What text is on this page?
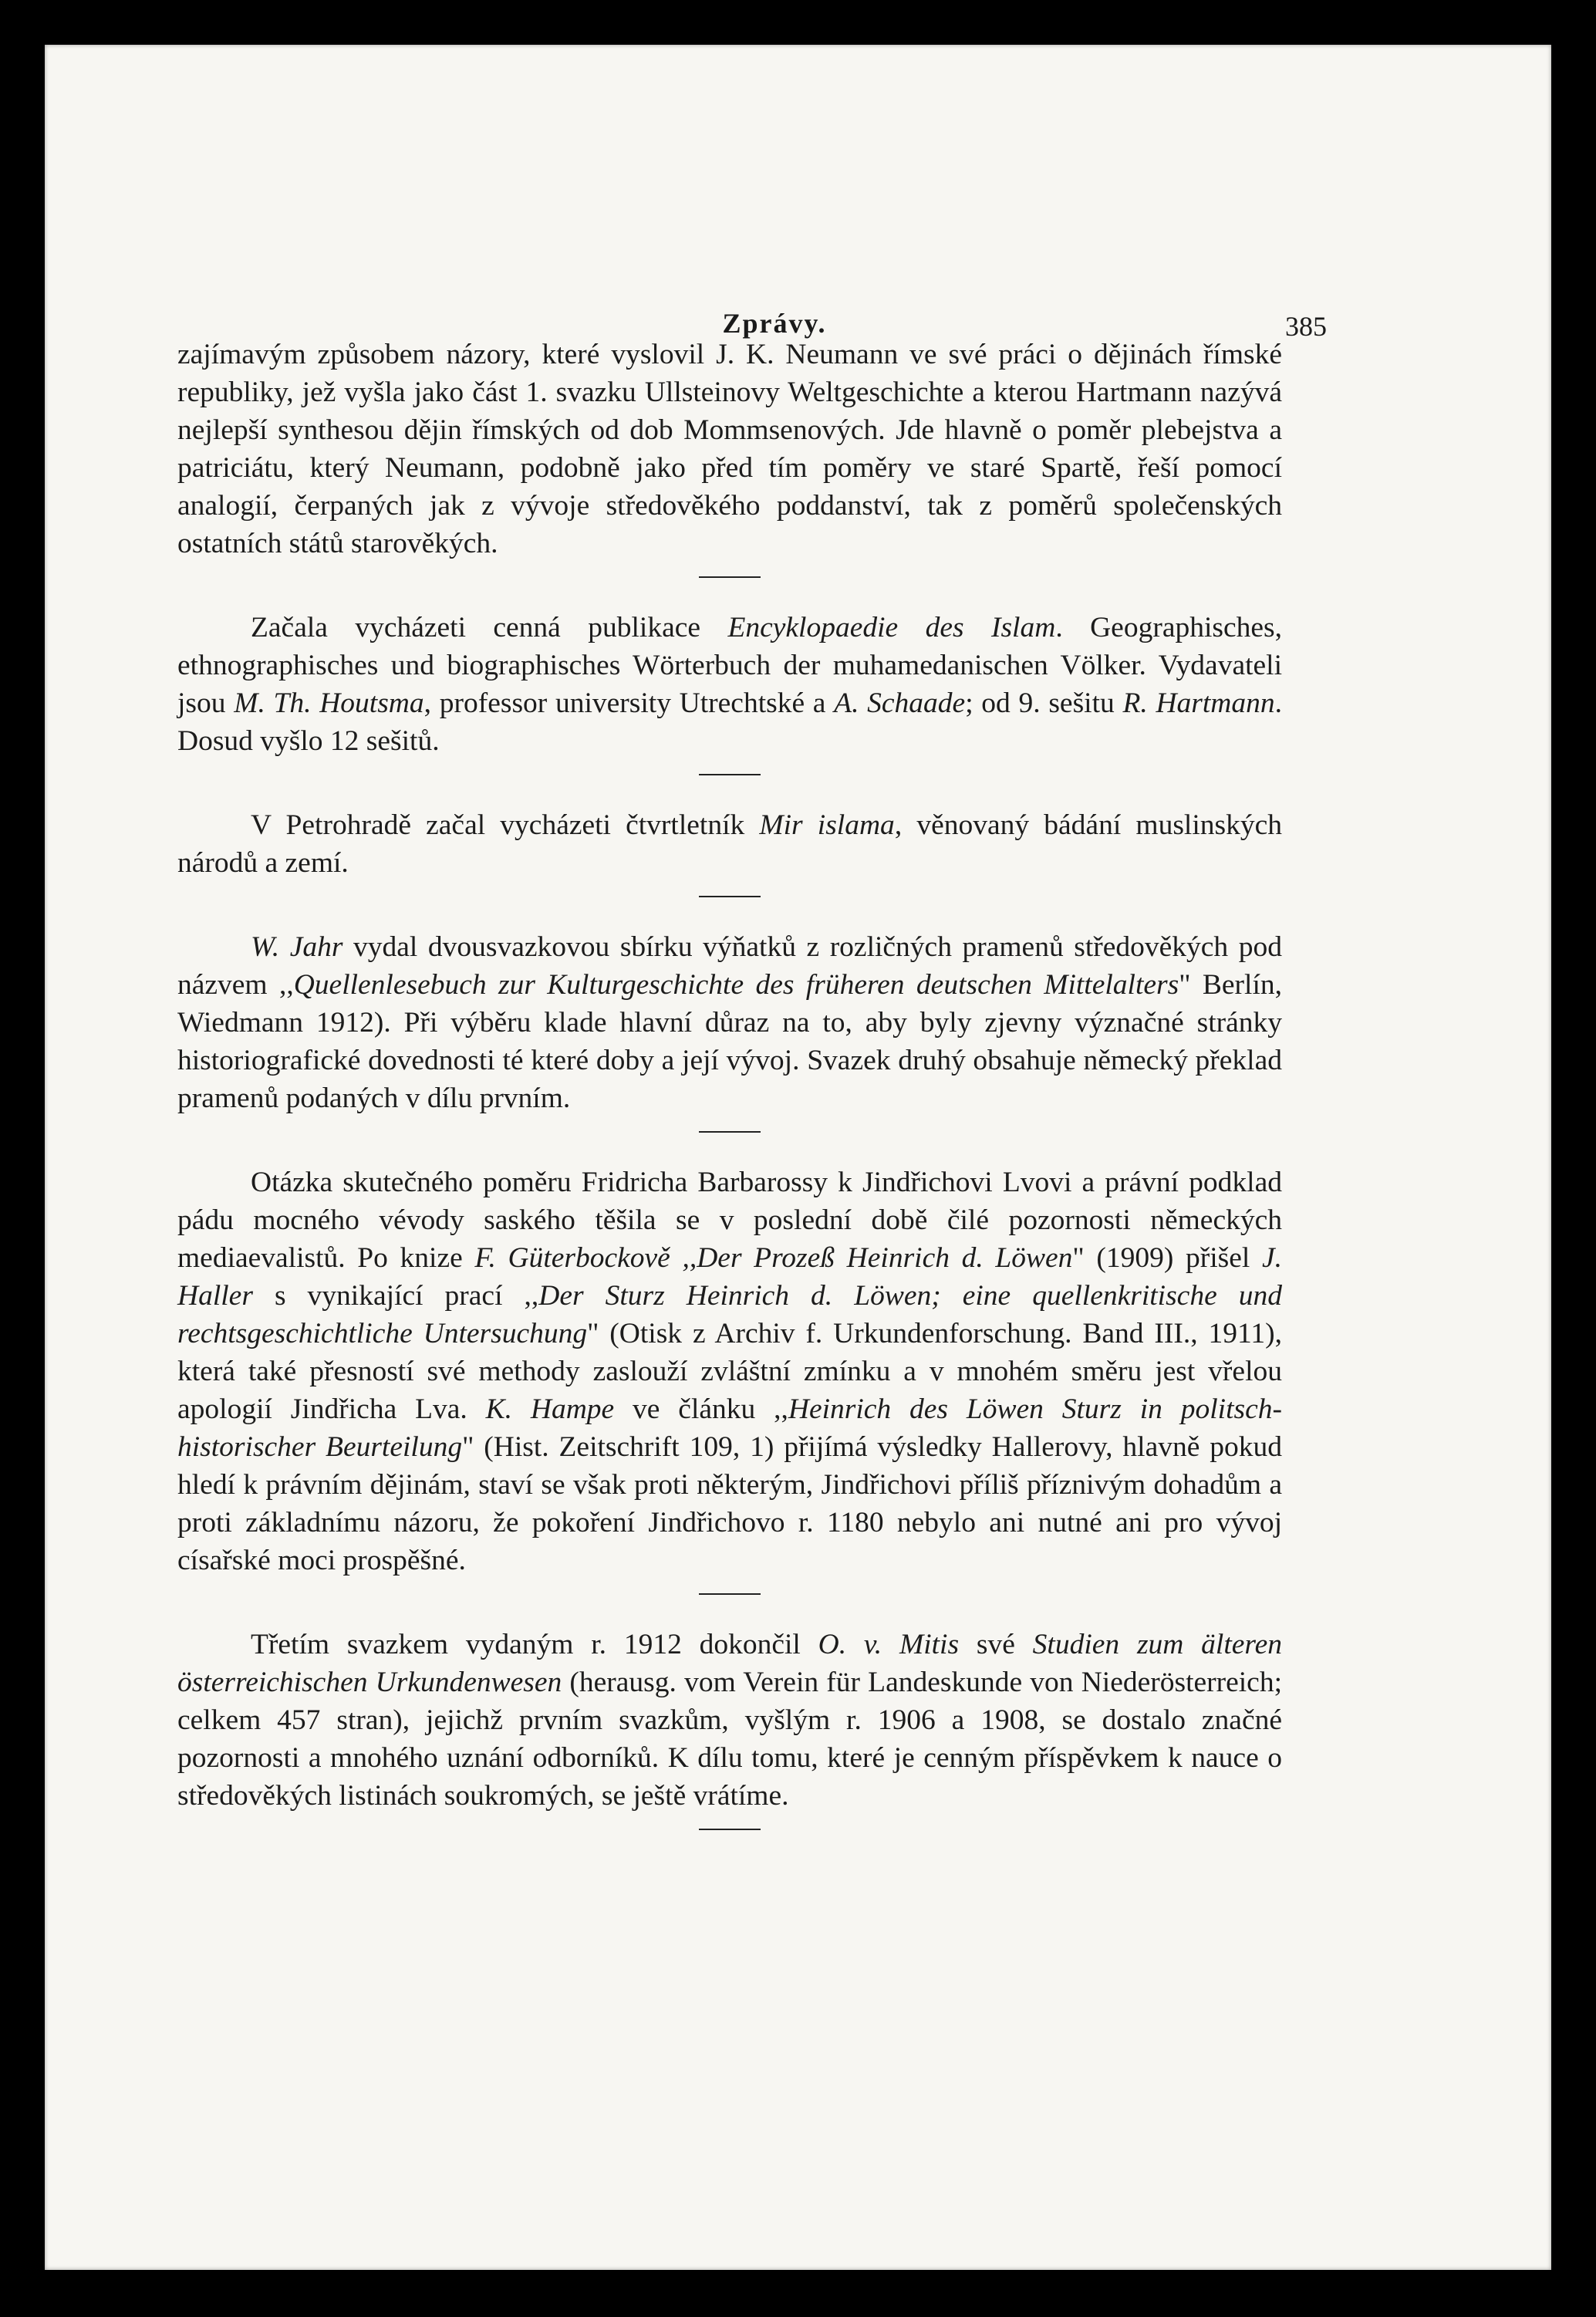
Zprávy.	385

zajímavým způsobem názory, které vyslovil J. K. Neumann ve své práci o dějinách římské republiky, jež vyšla jako část 1. svazku Ullsteinovy Weltgeschichte a kterou Hartmann nazývá nejlepší synthesou dějin římských od dob Mommsenových. Jde hlavně o poměr plebejstva a patriciátu, který Neumann, podobně jako před tím poměry ve staré Spartě, řeší pomocí analogií, čerpaných jak z vývoje středověkého poddanství, tak z poměrů společenských ostatních států starověkých.

Začala vycházeti cenná publikace Encyklopaedie des Islam. Geographisches, ethnographisches und biographisches Wörterbuch der muhamedanischen Völker. Vydavateli jsou M. Th. Houtsma, professor university Utrechtské a A. Schaade; od 9. sešitu R. Hartmann. Dosud vyšlo 12 sešitů.

V Petrohradě začal vycházeti čtvrtletník Mir islama, věnovaný bádání muslinských národů a zemí.

W. Jahr vydal dvousvazkovou sbírku výňatků z rozličných pramenů středověkých pod názvem ,,Quellenlesebuch zur Kulturgeschichte des früheren deutschen Mittelalters" Berlín, Wiedmann 1912). Při výběru klade hlavní důraz na to, aby byly zjevny význačné stránky historiografické dovednosti té které doby a její vývoj. Svazek druhý obsahuje německý překlad pramenů podaných v dílu prvním.

Otázka skutečného poměru Fridricha Barbarossy k Jindřichovi Lvovi a právní podklad pádu mocného vévody saského těšila se v poslední době čilé pozornosti německých mediaevalistů. Po knize F. Güterbockově ,,Der Prozeß Heinrich d. Löwen" (1909) přišel J. Haller s vynikající prací ,,Der Sturz Heinrich d. Löwen; eine quellenkritische und rechtsgeschichtliche Untersuchung" (Otisk z Archiv f. Urkundenforschung. Band III., 1911), která také přesností své methody zaslouží zvláštní zmínku a v mnohém směru jest vřelou apologií Jindřicha Lva. K. Hampe ve článku ,,Heinrich des Löwen Sturz in politsch-historischer Beurteilung" (Hist. Zeitschrift 109, 1) přijímá výsledky Hallerovy, hlavně pokud hledí k právním dějinám, staví se však proti některým, Jindřichovi příliš příznivým dohadům a proti základnímu názoru, že pokoření Jindřichovo r. 1180 nebylo ani nutné ani pro vývoj císařské moci prospěšné.

Třetím svazkem vydaným r. 1912 dokončil O. v. Mitis své Studien zum älteren österreichischen Urkundenwesen (herausg. vom Verein für Landeskunde von Niederösterreich; celkem 457 stran), jejichž prvním svazkům, vyšlým r. 1906 a 1908, se dostalo značné pozornosti a mnohého uznání odborníků. K dílu tomu, které je cenným příspěvkem k nauce o středověkých listinách soukromých, se ještě vrátíme.
